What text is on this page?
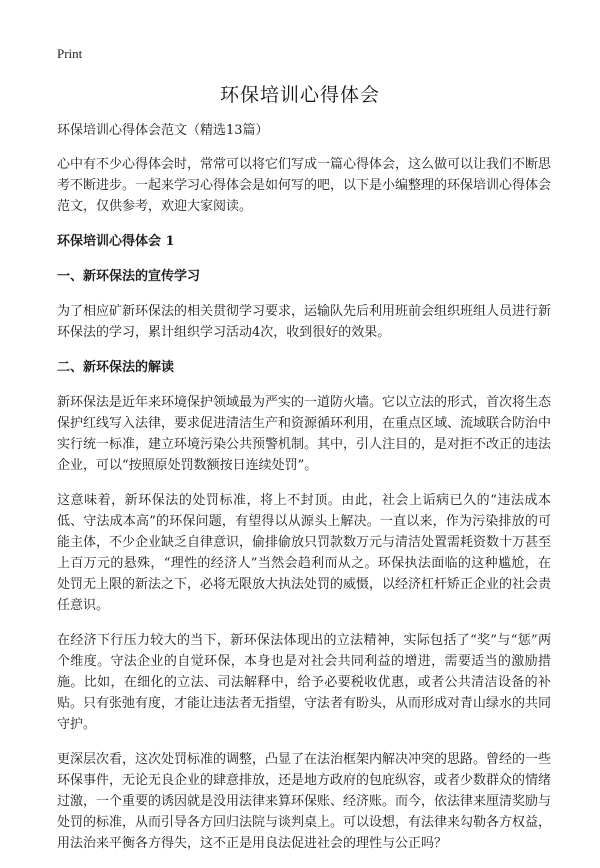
Print
环保培训心得体会

环保培训心得体会范文（精选13篇）

心中有不少心得体会时，常常可以将它们写成一篇心得体会，这么做可以让我们不断思考不断进步。一起来学习心得体会是如何写的吧，以下是小编整理的环保培训心得体会范文，仅供参考，欢迎大家阅读。

环保培训心得体会 1

一、新环保法的宣传学习

为了相应矿新环保法的相关贯彻学习要求，运输队先后利用班前会组织班组人员进行新环保法的学习，累计组织学习活动4次，收到很好的效果。

二、新环保法的解读

新环保法是近年来环境保护领域最为严实的一道防火墙。它以立法的形式，首次将生态保护红线写入法律，要求促进清洁生产和资源循环利用，在重点区域、流域联合防治中实行统一标准，建立环境污染公共预警机制。其中，引人注目的，是对拒不改正的违法企业，可以“按照原处罚数额按日连续处罚”。

这意味着，新环保法的处罚标准，将上不封顶。由此，社会上诟病已久的“违法成本低、守法成本高”的环保问题，有望得以从源头上解决。一直以来，作为污染排放的可能主体，不少企业缺乏自律意识，偷排偷放只罚款数万元与清洁处置需耗资数十万甚至上百万元的悬殊，“理性的经济人”当然会趋利而从之。环保执法面临的这种尴尬，在处罚无上限的新法之下，必将无限放大执法处罚的威慑，以经济杠杆矫正企业的社会责任意识。

在经济下行压力较大的当下，新环保法体现出的立法精神，实际包括了“奖”与“惩”两个维度。守法企业的自觉环保，本身也是对社会共同利益的增进，需要适当的激励措施。比如，在细化的立法、司法解释中，给予必要税收优惠，或者公共清洁设备的补贴。只有张弛有度，才能让违法者无指望，守法者有盼头，从而形成对青山绿水的共同守护。

更深层次看，这次处罚标准的调整，凸显了在法治框架内解决冲突的思路。曾经的一些环保事件，无论无良企业的肆意排放，还是地方政府的包庇纵容，或者少数群众的情绪过激，一个重要的诱因就是没用法律来算环保账、经济账。而今，依法律来厘清奖励与处罚的标准，从而引导各方回归法院与谈判桌上。可以设想，有法律来勾勒各方权益，用法治来平衡各方得失，这不正是用良法促进社会的理性与公正吗？
